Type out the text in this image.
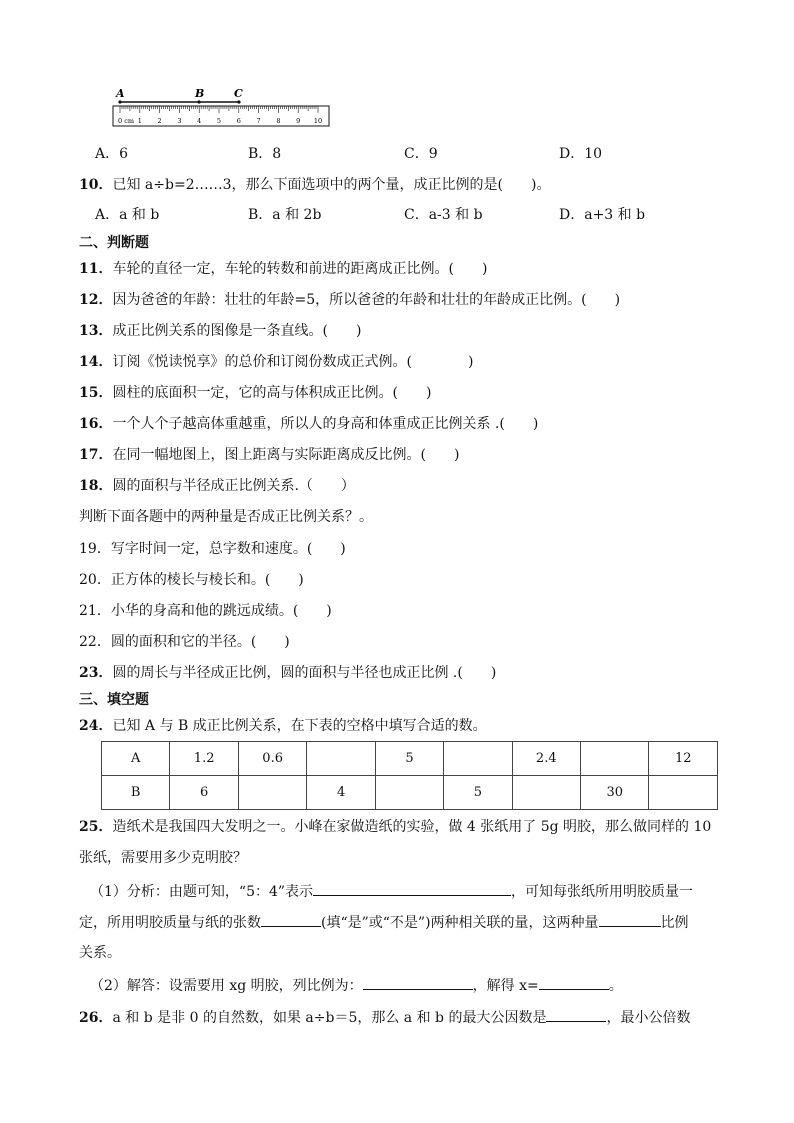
A	B	C
0 cm 1 2 3 4 5 6 7 8 9 10
A．6	B．8	C．9	D．10
10．已知 a÷b=2……3，那么下面选项中的两个量，成正比例的是(　　)。
A．a 和 b	B．a 和 2b	C．a-3 和 b	D．a+3 和 b
二、判断题
11．车轮的直径一定，车轮的转数和前进的距离成正比例。(　　)
12．因为爸爸的年龄：壮壮的年龄=5，所以爸爸的年龄和壮壮的年龄成正比例。(　　)
13．成正比例关系的图像是一条直线。(　　)
14．订阅《悦读悦享》的总价和订阅份数成正式例。(　　　　)
15．圆柱的底面积一定，它的高与体积成正比例。(　　)
16．一个人个子越高体重越重，所以人的身高和体重成正比例关系 .(　　)
17．在同一幅地图上，图上距离与实际距离成反比例。(　　)
18．圆的面积与半径成正比例关系.（　　）
判断下面各题中的两种量是否成正比例关系？。
19．写字时间一定，总字数和速度。(　　)
20．正方体的棱长与棱长和。(　　)
21．小华的身高和他的跳远成绩。(　　)
22．圆的面积和它的半径。(　　)
23．圆的周长与半径成正比例，圆的面积与半径也成正比例 .(　　)
三、填空题
24．已知 A 与 B 成正比例关系，在下表的空格中填写合适的数。
A	1.2	0.6		5		2.4		12
B	6		4		5		30	
25．造纸术是我国四大发明之一。小峰在家做造纸的实验，做 4 张纸用了 5g 明胶，那么做同样的 10
张纸，需要用多少克明胶？
（1）分析：由题可知，“5：4”表示	，可知每张纸所用明胶质量一
定，所用明胶质量与纸的张数	(填“是”或“不是”)两种相关联的量，这两种量	比例
关系。
（2）解答：设需要用 xg 明胶，列比例为：	，解得 x=	。
26．a 和 b 是非 0 的自然数，如果 a÷b＝5，那么 a 和 b 的最大公因数是	，最小公倍数
